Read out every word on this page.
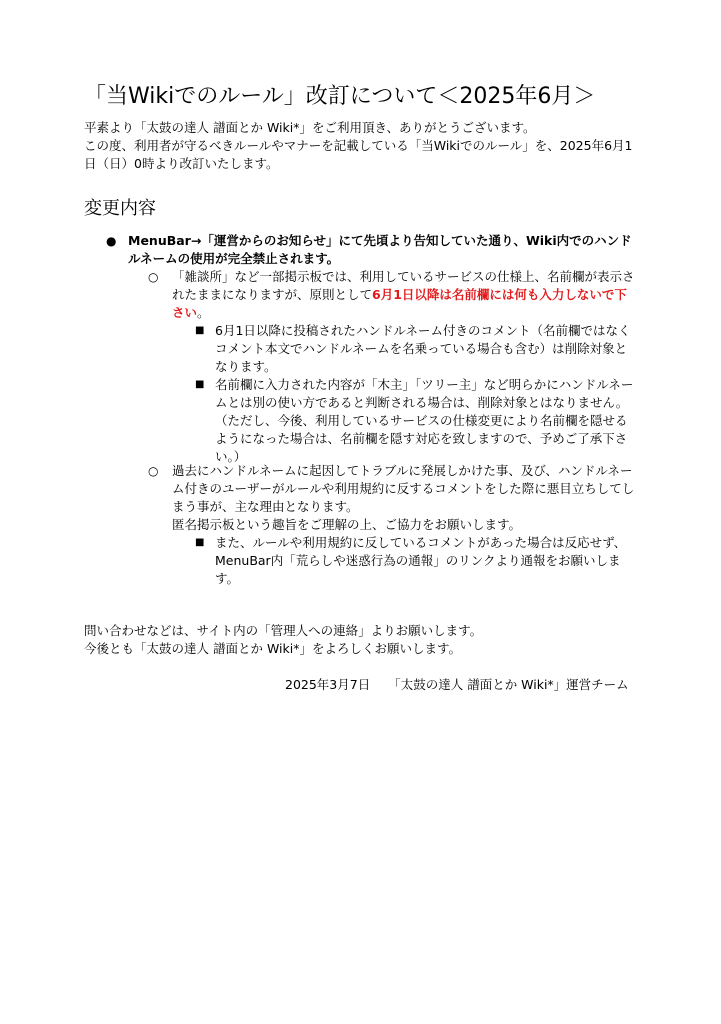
「当Wikiでのルール」改訂について＜2025年6月＞

平素より「太鼓の達人 譜面とか Wiki*」をご利用頂き、ありがとうございます。

この度、利用者が守るべきルールやマナーを記載している「当Wikiでのルール」を、2025年6月1日（日）0時より改訂いたします。

変更内容
● MenuBar→「運営からのお知らせ」にて先頃より告知していた通り、Wiki内でのハンドルネームの使用が完全禁止されます。

○ 「雑談所」など一部掲示板では、利用しているサービスの仕様上、名前欄が表示されたままになりますが、原則として6月1日以降は名前欄には何も入力しないで下さい。

■ 6月1日以降に投稿されたハンドルネーム付きのコメント（名前欄ではなくコメント本文でハンドルネームを名乗っている場合も含む）は削除対象となります。

■ 名前欄に入力された内容が「木主」「ツリー主」など明らかにハンドルネームとは別の使い方であると判断される場合は、削除対象とはなりません。（ただし、今後、利用しているサービスの仕様変更により名前欄を隠せるようになった場合は、名前欄を隠す対応を致しますので、予めご了承下さい。）

○ 過去にハンドルネームに起因してトラブルに発展しかけた事、及び、ハンドルネーム付きのユーザーがルールや利用規約に反するコメントをした際に悪目立ちしてしまう事が、主な理由となります。

匿名掲示板という趣旨をご理解の上、ご協力をお願いします。

■ また、ルールや利用規約に反しているコメントがあった場合は反応せず、MenuBar内「荒らしや迷惑行為の通報」のリンクより通報をお願いします。

問い合わせなどは、サイト内の「管理人への連絡」よりお願いします。

今後とも「太鼓の達人 譜面とか Wiki*」をよろしくお願いします。

2025年3月7日 「太鼓の達人 譜面とか Wiki*」運営チーム
